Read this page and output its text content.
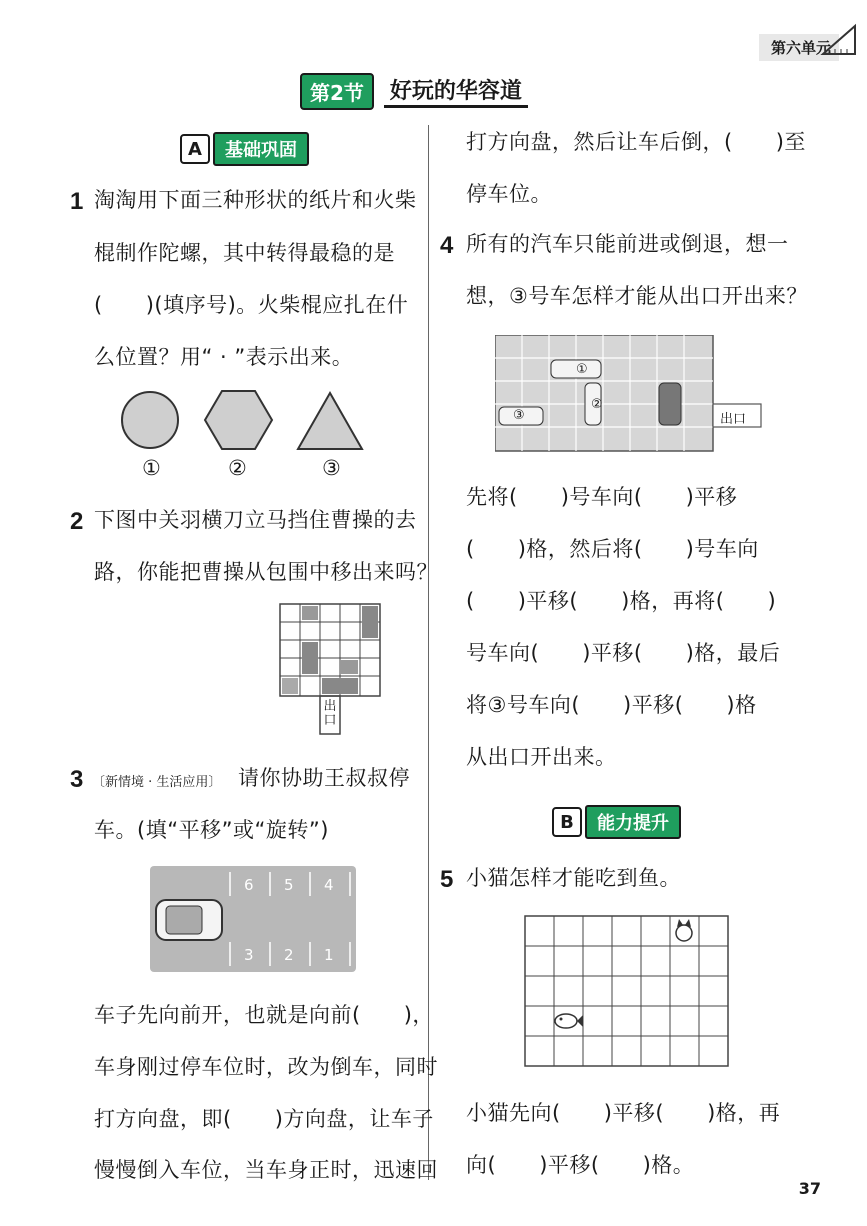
第六单元
第2节	好玩的华容道
A	基础巩固
1 淘淘用下面三种形状的纸片和火柴
棍制作陀螺，其中转得最稳的是
(　　)(填序号)。火柴棍应扎在什
么位置？用“ · ”表示出来。
①	②	③
2 下图中关羽横刀立马挡住曹操的去
路，你能把曹操从包围中移出来吗？
出口
3 〔新情境 · 生活应用〕 请你协助王叔叔停
车。(填“平移”或“旋转”)
6 5 4
3 2 1
车子先向前开，也就是向前(　　)，
车身刚过停车位时，改为倒车，同时
打方向盘，即(　　)方向盘，让车子
慢慢倒入车位，当车身正时，迅速回
打方向盘，然后让车后倒，(　　)至
停车位。
4 所有的汽车只能前进或倒退，想一
想，③号车怎样才能从出口开出来？
①
②
③	出口
先将(　　)号车向(　　)平移
(　　)格，然后将(　　)号车向
(　　)平移(　　)格，再将(　　)
号车向(　　)平移(　　)格，最后
将③号车向(　　)平移(　　)格
从出口开出来。
B	能力提升
5 小猫怎样才能吃到鱼。
小猫先向(　　)平移(　　)格，再
向(　　)平移(　　)格。
37
